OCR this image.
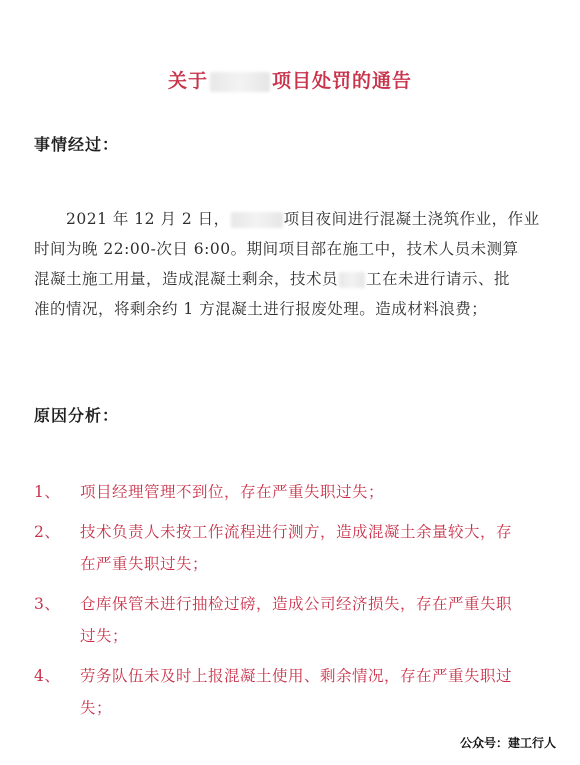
关于	项目处罚的通告
事情经过：
2021 年 12 月 2 日，	项目夜间进行混凝土浇筑作业，作业
时间为晚 22:00-次日 6:00。期间项目部在施工中，技术人员未测算
混凝土施工用量，造成混凝土剩余，技术员 工在未进行请示、批
准的情况，将剩余约 1 方混凝土进行报废处理。造成材料浪费；
原因分析：
1、	项目经理管理不到位，存在严重失职过失；
2、	技术负责人未按工作流程进行测方，造成混凝土余量较大，存
在严重失职过失；
3、	仓库保管未进行抽检过磅，造成公司经济损失，存在严重失职
过失；
4、	劳务队伍未及时上报混凝土使用、剩余情况，存在严重失职过
失；
公众号：建工行人
